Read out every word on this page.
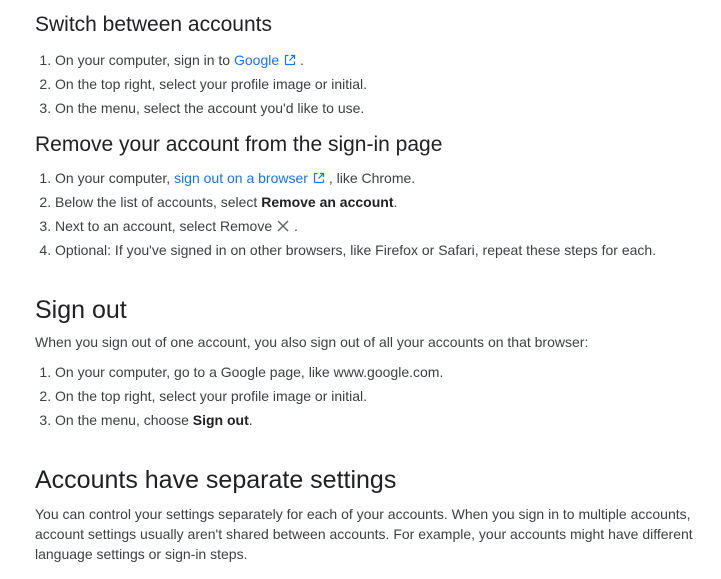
Switch between accounts
1. On your computer, sign in to Google .
2. On the top right, select your profile image or initial.
3. On the menu, select the account you'd like to use.
Remove your account from the sign-in page
1. On your computer, sign out on a browser , like Chrome.
2. Below the list of accounts, select Remove an account.
3. Next to an account, select Remove .
4. Optional: If you've signed in on other browsers, like Firefox or Safari, repeat these steps for each.
Sign out

When you sign out of one account, you also sign out of all your accounts on that browser:

1. On your computer, go to a Google page, like www.google.com.
2. On the top right, select your profile image or initial.
3. On the menu, choose Sign out.
Accounts have separate settings

You can control your settings separately for each of your accounts. When you sign in to multiple accounts, account settings usually aren't shared between accounts. For example, your accounts might have different language settings or sign-in steps.
